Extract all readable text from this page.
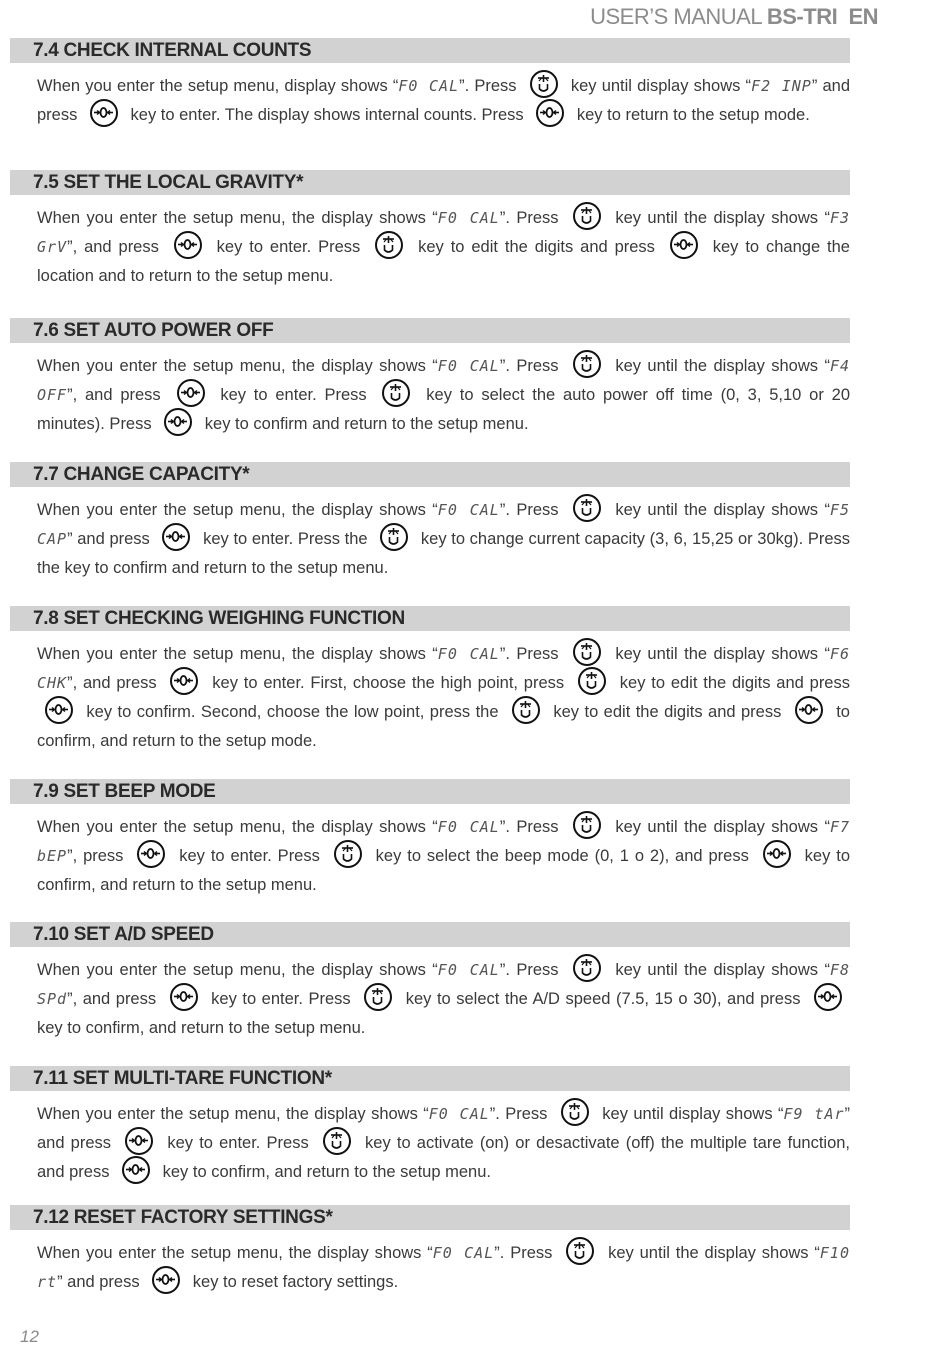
USER’S MANUAL BS-TRI EN
7.4 CHECK INTERNAL COUNTS
When you enter the setup menu, display shows “F0 CAL”. Press	key until display shows “F2 INP” and press	key to enter. The display shows internal counts. Press	key to return to the setup mode.
7.5 SET THE LOCAL GRAVITY*
When you enter the setup menu, the display shows “F0 CAL”. Press	key until the display shows “F3 GrV”, and press	key to enter. Press	key to edit the digits and press	key to change the location and to return to the setup menu.
7.6 SET AUTO POWER OFF
When you enter the setup menu, the display shows “F0 CAL”. Press	key until the display shows “F4 OFF”, and press	key to enter. Press	key to select the auto power off time (0, 3, 5,10 or 20 minutes). Press	key to confirm and return to the setup menu.
7.7 CHANGE CAPACITY*
When you enter the setup menu, the display shows “F0 CAL”. Press	key until the display shows “F5 CAP” and press	key to enter. Press the	key to change current capacity (3, 6, 15,25 or 30kg). Press the key to confirm and return to the setup menu.
7.8 SET CHECKING WEIGHING FUNCTION
When you enter the setup menu, the display shows “F0 CAL”. Press	key until the display shows “F6 CHK”, and press	key to enter. First, choose the high point, press	key to edit the digits and press
key to confirm. Second, choose the low point, press the	key to edit the digits and press	to confirm, and return to the setup mode.
7.9 SET BEEP MODE
When you enter the setup menu, the display shows “F0 CAL”. Press	key until the display shows “F7 bEP”, press	key to enter. Press	key to select the beep mode (0, 1 o 2), and press	key to confirm, and return to the setup menu.
7.10 SET A/D SPEED
When you enter the setup menu, the display shows “F0 CAL”. Press	key until the display shows “F8 SPd”, and press	key to enter. Press	key to select the A/D speed (7.5, 15 o 30), and press
key to confirm, and return to the setup menu.
7.11 SET MULTI-TARE FUNCTION*
When you enter the setup menu, the display shows “F0 CAL”. Press	key until display shows “F9 tAr” and press	key to enter. Press	key to activate (on) or desactivate (off) the multiple tare function, and press	key to confirm, and return to the setup menu.
7.12 RESET FACTORY SETTINGS*
When you enter the setup menu, the display shows “F0 CAL”. Press	key until the display shows “F10 rt” and press	key to reset factory settings.
12
